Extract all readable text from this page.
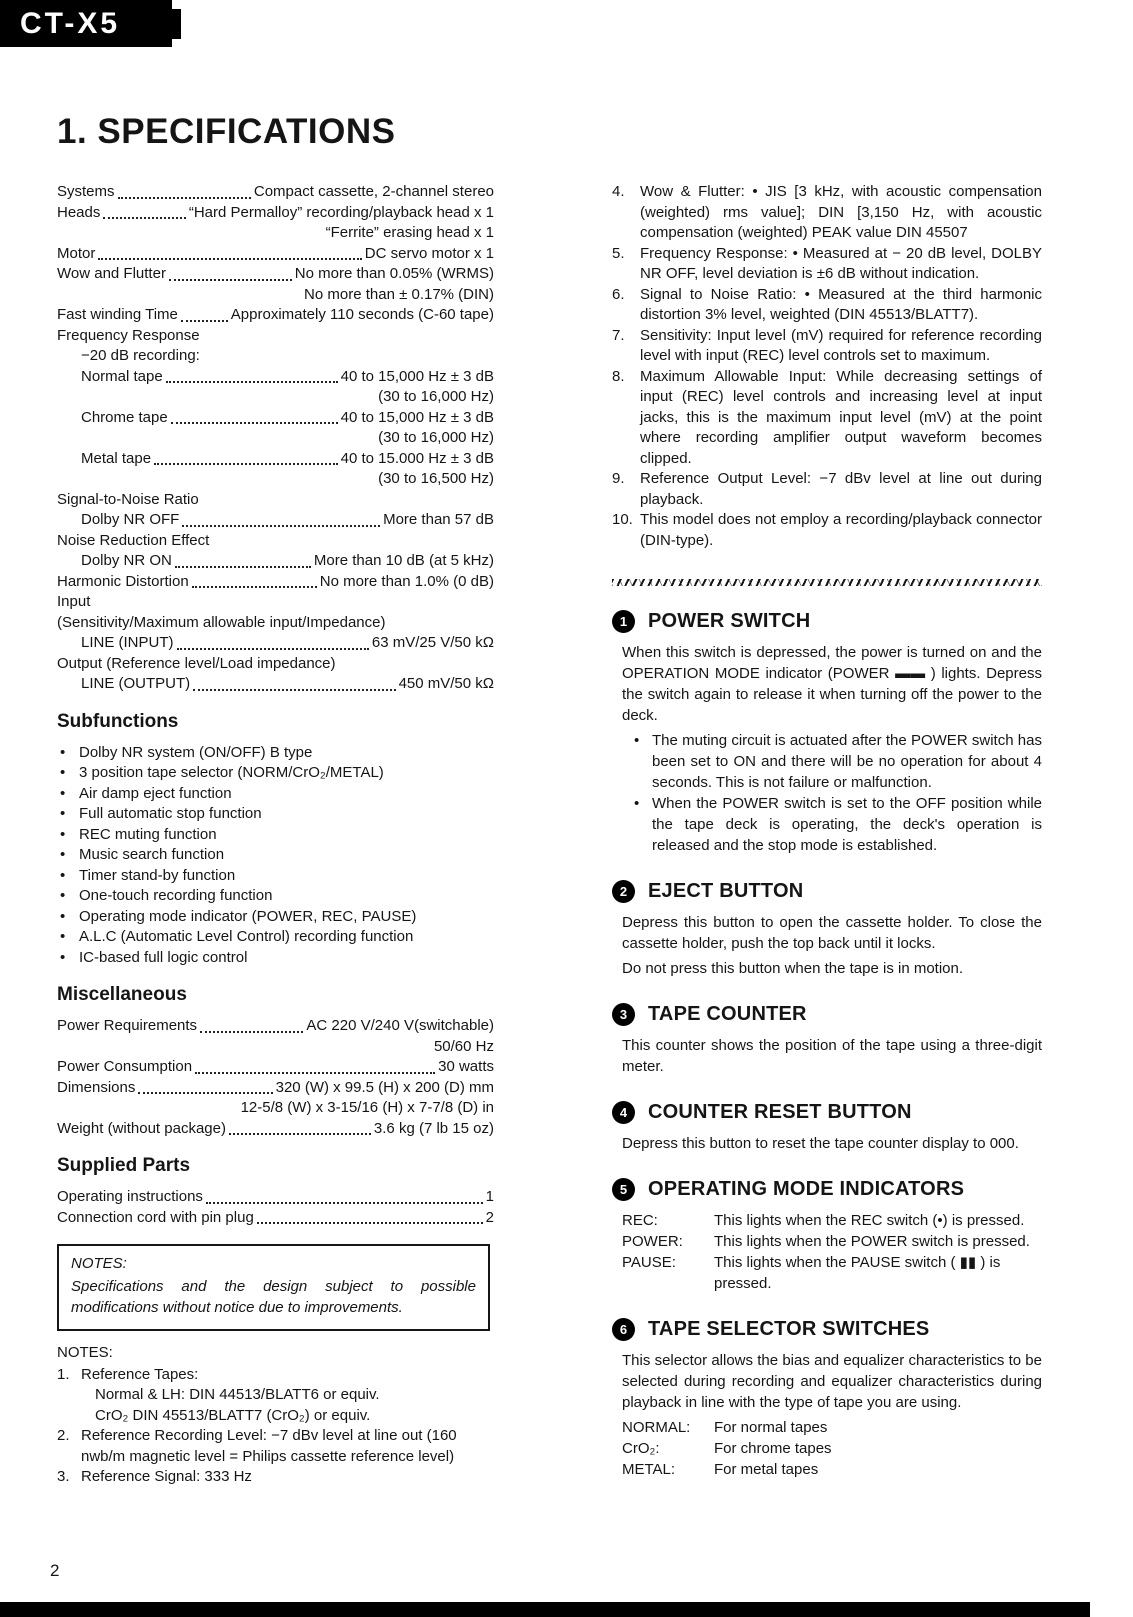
CT-X5
1. SPECIFICATIONS
Systems	Compact cassette, 2-channel stereo
Heads	“Hard Permalloy” recording/playback head x 1
“Ferrite” erasing head x 1
Motor	DC servo motor x 1
Wow and Flutter	No more than 0.05% (WRMS)
No more than ± 0.17% (DIN)
Fast winding Time	Approximately 110 seconds (C-60 tape)
Frequency Response
−20 dB recording:
Normal tape	40 to 15,000 Hz ± 3 dB
(30 to 16,000 Hz)
Chrome tape	40 to 15,000 Hz ± 3 dB
(30 to 16,000 Hz)
Metal tape	40 to 15.000 Hz ± 3 dB
(30 to 16,500 Hz)
Signal-to-Noise Ratio
Dolby NR OFF	More than 57 dB
Noise Reduction Effect
Dolby NR ON	More than 10 dB (at 5 kHz)
Harmonic Distortion	No more than 1.0% (0 dB)
Input
(Sensitivity/Maximum allowable input/Impedance)
LINE (INPUT)	63 mV/25 V/50 kΩ
Output (Reference level/Load impedance)
LINE (OUTPUT)	450 mV/50 kΩ
Subfunctions
• Dolby NR system (ON/OFF) B type
• 3 position tape selector (NORM/CrO₂/METAL)
• Air damp eject function
• Full automatic stop function
• REC muting function
• Music search function
• Timer stand-by function
• One-touch recording function
• Operating mode indicator (POWER, REC, PAUSE)
• A.L.C (Automatic Level Control) recording function
• IC-based full logic control
Miscellaneous
Power Requirements	AC 220 V/240 V(switchable)
50/60 Hz
Power Consumption	30 watts
Dimensions	320 (W) x 99.5 (H) x 200 (D) mm
12-5/8 (W) x 3-15/16 (H) x 7-7/8 (D) in
Weight (without package)	3.6 kg (7 lb 15 oz)
Supplied Parts
Operating instructions	1
Connection cord with pin plug	2
NOTES:
Specifications and the design subject to possible modifications without notice due to improvements.
NOTES:
1. Reference Tapes:
Normal & LH: DIN 44513/BLATT6 or equiv.
CrO₂ DIN 45513/BLATT7 (CrO₂) or equiv.
2. Reference Recording Level: −7 dBv level at line out (160 nwb/m magnetic level = Philips cassette reference level)
3. Reference Signal: 333 Hz
4.	Wow & Flutter: • JIS [3 kHz, with acoustic compensation (weighted) rms value]; DIN [3,150 Hz, with acoustic compensation (weighted) PEAK value DIN 45507
5.	Frequency Response: • Measured at − 20 dB level, DOLBY NR OFF, level deviation is ±6 dB without indication.
6.	Signal to Noise Ratio: • Measured at the third harmonic distortion 3% level, weighted (DIN 45513/BLATT7).
7.	Sensitivity: Input level (mV) required for reference recording level with input (REC) level controls set to maximum.
8.	Maximum Allowable Input: While decreasing settings of input (REC) level controls and increasing level at input jacks, this is the maximum input level (mV) at the point where recording amplifier output waveform becomes clipped.
9.	Reference Output Level: −7 dBv level at line out during playback.
10. This model does not employ a recording/playback connector (DIN-type).
1	POWER SWITCH

When this switch is depressed, the power is turned on and the OPERATION MODE indicator (POWER ▬▬ ) lights. Depress the switch again to release it when turning off the power to the deck.

• The muting circuit is actuated after the POWER switch has been set to ON and there will be no operation for about 4 seconds. This is not failure or malfunction.
• When the POWER switch is set to the OFF position while the tape deck is operating, the deck's operation is released and the stop mode is established.
2	EJECT BUTTON

Depress this button to open the cassette holder. To close the cassette holder, push the top back until it locks.

Do not press this button when the tape is in motion.

3	TAPE COUNTER

This counter shows the position of the tape using a three-digit meter.

4	COUNTER RESET BUTTON

Depress this button to reset the tape counter display to 000.

5	OPERATING MODE INDICATORS
REC:	This lights when the REC switch (•) is pressed.
POWER:	This lights when the POWER switch is pressed.
PAUSE:	This lights when the PAUSE switch ( ▮▮ ) is pressed.
6	TAPE SELECTOR SWITCHES

This selector allows the bias and equalizer characteristics to be selected during recording and equalizer characteristics during playback in line with the type of tape you are using.

NORMAL:	For normal tapes
CrO₂:	For chrome tapes
METAL:	For metal tapes
2
